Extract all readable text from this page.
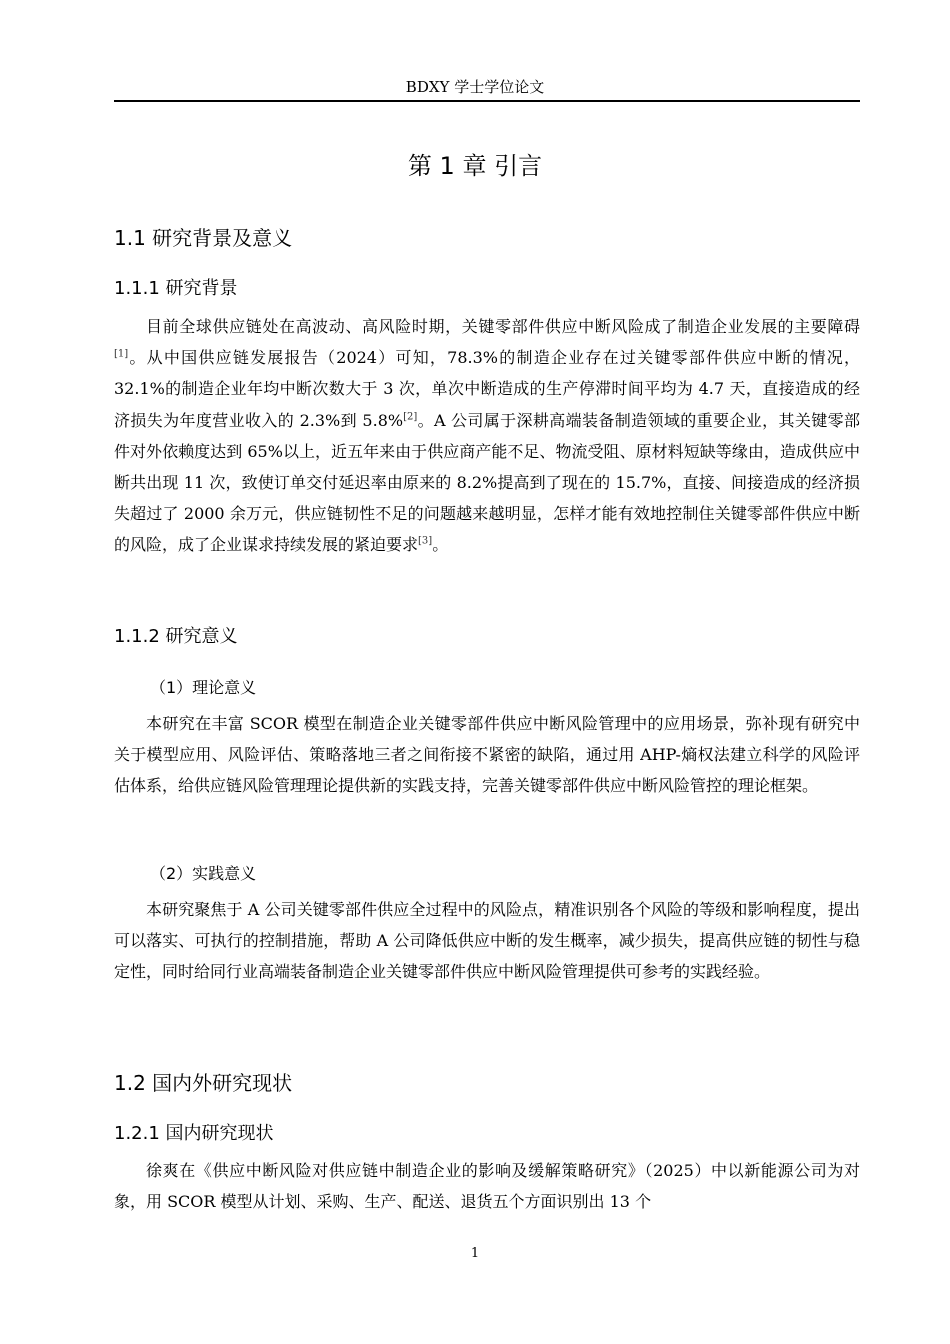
BDXY 学士学位论文
第 1 章 引言
1.1 研究背景及意义
1.1.1 研究背景

目前全球供应链处在高波动、高风险时期，关键零部件供应中断风险成了制造企业发展的主要障碍[1]。从中国供应链发展报告（2024）可知，78.3%的制造企业存在过关键零部件供应中断的情况，32.1%的制造企业年均中断次数大于 3 次，单次中断造成的生产停滞时间平均为 4.7 天，直接造成的经济损失为年度营业收入的 2.3%到 5.8%[2]。A 公司属于深耕高端装备制造领域的重要企业，其关键零部件对外依赖度达到 65%以上，近五年来由于供应商产能不足、物流受阻、原材料短缺等缘由，造成供应中断共出现 11 次，致使订单交付延迟率由原来的 8.2%提高到了现在的 15.7%，直接、间接造成的经济损失超过了 2000 余万元，供应链韧性不足的问题越来越明显，怎样才能有效地控制住关键零部件供应中断的风险，成了企业谋求持续发展的紧迫要求[3]。

1.1.2 研究意义
（1）理论意义

本研究在丰富 SCOR 模型在制造企业关键零部件供应中断风险管理中的应用场景，弥补现有研究中关于模型应用、风险评估、策略落地三者之间衔接不紧密的缺陷，通过用 AHP-熵权法建立科学的风险评估体系，给供应链风险管理理论提供新的实践支持，完善关键零部件供应中断风险管控的理论框架。

（2）实践意义

本研究聚焦于 A 公司关键零部件供应全过程中的风险点，精准识别各个风险的等级和影响程度，提出可以落实、可执行的控制措施，帮助 A 公司降低供应中断的发生概率，减少损失，提高供应链的韧性与稳定性，同时给同行业高端装备制造企业关键零部件供应中断风险管理提供可参考的实践经验。

1.2 国内外研究现状
1.2.1 国内研究现状

徐爽在《供应中断风险对供应链中制造企业的影响及缓解策略研究》（2025）中以新能源公司为对象，用 SCOR 模型从计划、采购、生产、配送、退货五个方面识别出 13 个

1
